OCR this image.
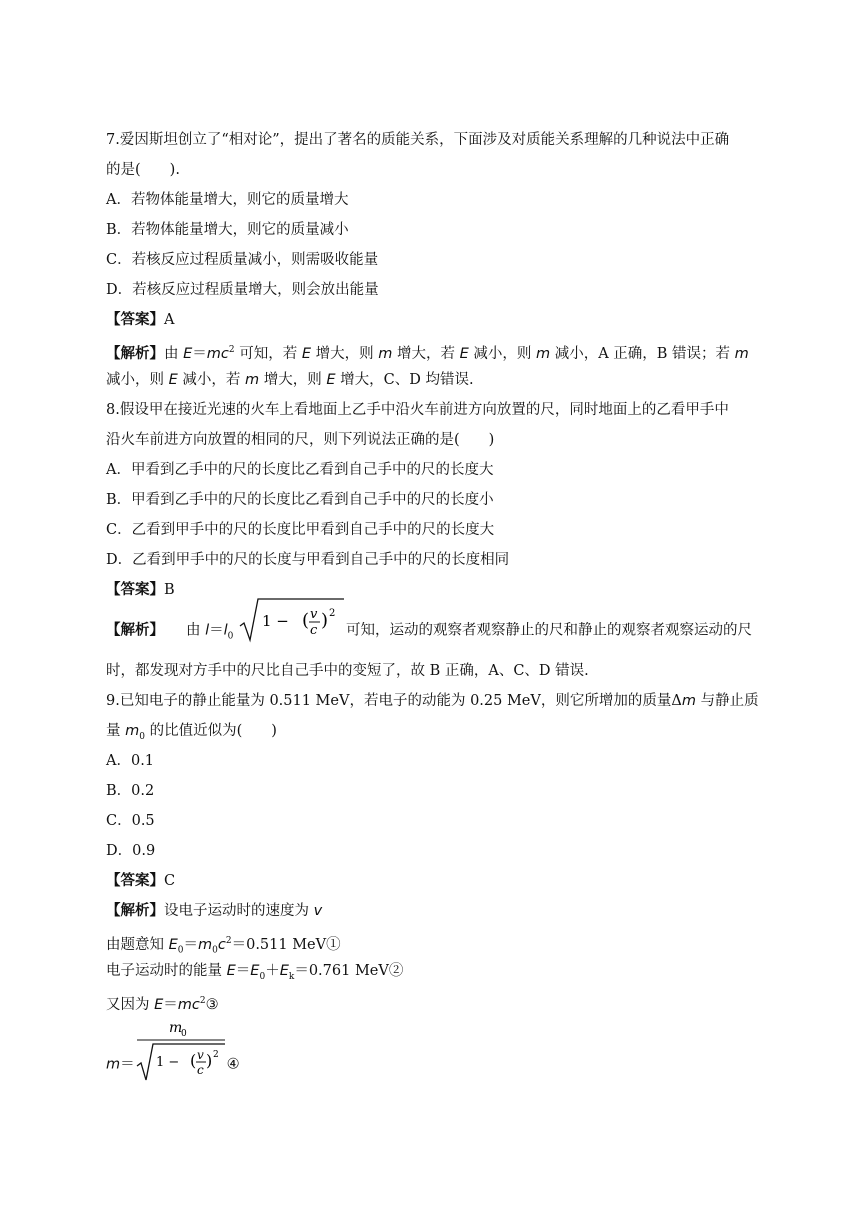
7.爱因斯坦创立了“相对论”，提出了著名的质能关系，下面涉及对质能关系理解的几种说法中正确
的是(　　).
A．若物体能量增大，则它的质量增大
B．若物体能量增大，则它的质量减小
C．若核反应过程质量减小，则需吸收能量
D．若核反应过程质量增大，则会放出能量
【答案】A
【解析】由 $E=mc^2$ 可知，若 E 增大，则 m 增大，若 E 减小，则 m 减小，A 正确，B 错误；若 m
减小，则 E 减小，若 m 增大，则 E 增大，C、D 均错误.
8.假设甲在接近光速的火车上看地面上乙手中沿火车前进方向放置的尺，同时地面上的乙看甲手中
沿火车前进方向放置的相同的尺，则下列说法正确的是(　　)
A．甲看到乙手中的尺的长度比乙看到自己手中的尺的长度大
B．甲看到乙手中的尺的长度比乙看到自己手中的尺的长度小
C．乙看到甲手中的尺的长度比甲看到自己手中的尺的长度大
D．乙看到甲手中的尺的长度与甲看到自己手中的尺的长度相同
【答案】B
【解析】 由 $l=l_0$
1 − ( v
c ) 2
可知，运动的观察者观察静止的尺和静止的观察者观察运动的尺
时，都发现对方手中的尺比自己手中的变短了，故 B 正确，A、C、D 错误.
9.已知电子的静止能量为 0.511 MeV，若电子的动能为 0.25 MeV，则它所增加的质量Δm 与静止质
量 $m_0$ 的比值近似为(　　)
A．0.1
B．0.2
C．0.5
D．0.9
【答案】C
【解析】设电子运动时的速度为 v
由题意知 $E_0=m_0c^2=0.511$ MeV①
电子运动时的能量 $E=E_0+E_k=0.761$ MeV②
又因为 $E=mc^2③$
m＝
m
0
1 − ( v
c ) 2
④
